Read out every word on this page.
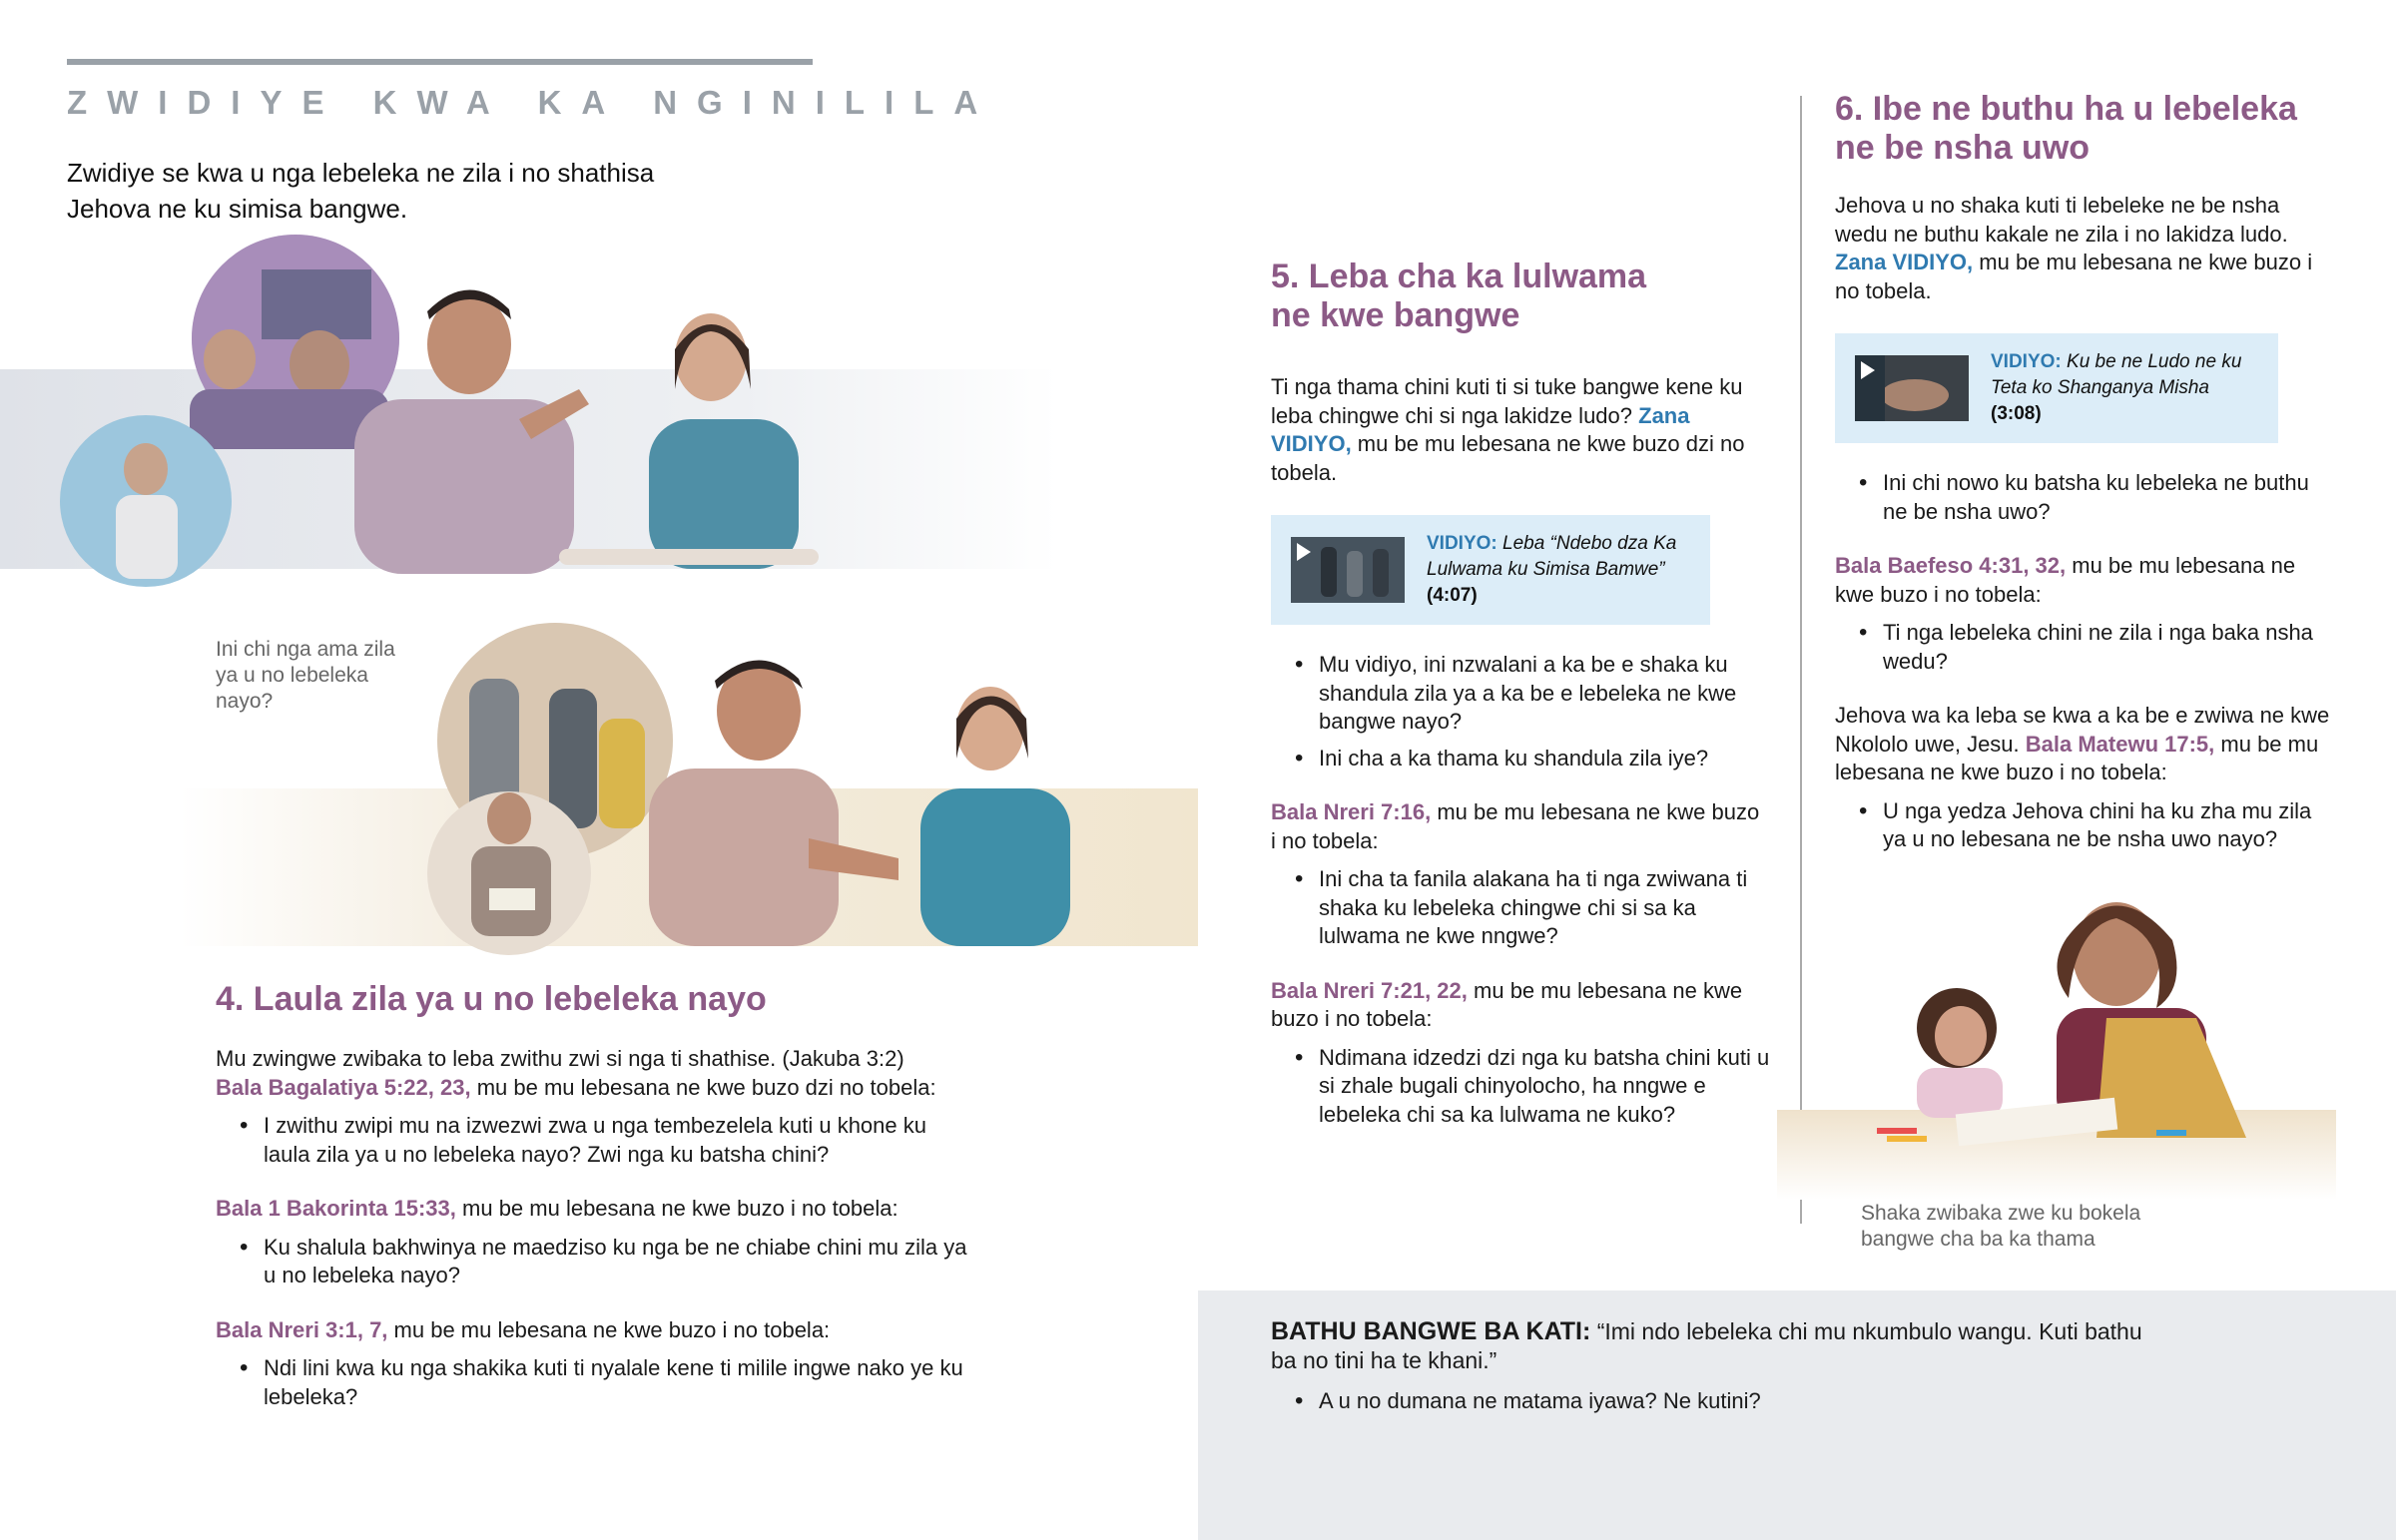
ZWIDIYE KWA KA NGINILILA
Zwidiye se kwa u nga lebeleka ne zila i no shathisa
Jehova ne ku simisa bangwe.
Ini chi nga ama zila
ya u no lebeleka
nayo?
4. Laula zila ya u no lebeleka nayo
Mu zwingwe zwibaka to leba zwithu zwi si nga ti shathise. (Jakuba 3:2)
Bala Bagalatiya 5:22, 23, mu be mu lebesana ne kwe buzo dzi no tobela:
• I zwithu zwipi mu na izwezwi zwa u nga tembezelela kuti u khone ku laula zila ya u no lebeleka nayo? Zwi nga ku batsha chini?
Bala 1 Bakorinta 15:33, mu be mu lebesana ne kwe buzo i no tobela:
• Ku shalula bakhwinya ne maedziso ku nga be ne chiabe chini mu zila ya u no lebeleka nayo?
Bala Nreri 3:1, 7, mu be mu lebesana ne kwe buzo i no tobela:
• Ndi lini kwa ku nga shakika kuti ti nyalale kene ti milile ingwe nako ye ku lebeleka?
5. Leba cha ka lulwama
ne kwe bangwe
Ti nga thama chini kuti ti si tuke bangwe kene ku leba chingwe chi si nga lakidze ludo? Zana VIDIYO, mu be mu lebesana ne kwe buzo dzi no tobela.
VIDIYO: Leba “Ndebo dza Ka Lulwama ku Simisa Bamwe”
(4:07)
• Mu vidiyo, ini nzwalani a ka be e shaka ku shandula zila ya a ka be e lebeleka ne kwe bangwe nayo?
• Ini cha a ka thama ku shandula zila iye?
Bala Nreri 7:16, mu be mu lebesana ne kwe buzo i no tobela:
• Ini cha ta fanila alakana ha ti nga zwiwana ti shaka ku lebeleka chingwe chi si sa ka lulwama ne kwe nngwe?
Bala Nreri 7:21, 22, mu be mu lebesana ne kwe buzo i no tobela:
• Ndimana idzedzi dzi nga ku batsha chini kuti u si zhale bugali chinyolocho, ha nngwe e lebeleka chi sa ka lulwama ne kuko?
6. Ibe ne buthu ha u lebeleka
ne be nsha uwo
Jehova u no shaka kuti ti lebeleke ne be nsha wedu ne buthu kakale ne zila i no lakidza ludo. Zana VIDIYO, mu be mu lebesana ne kwe buzo i no tobela.
VIDIYO: Ku be ne Ludo ne ku Teta ko Shanganya Misha
(3:08)
• Ini chi nowo ku batsha ku lebeleka ne buthu ne be nsha uwo?
Bala Baefeso 4:31, 32, mu be mu lebesana ne kwe buzo i no tobela:
• Ti nga lebeleka chini ne zila i nga baka nsha wedu?
Jehova wa ka leba se kwa a ka be e zwiwa ne kwe Nkololo uwe, Jesu. Bala Matewu 17:5, mu be mu lebesana ne kwe buzo i no tobela:
• U nga yedza Jehova chini ha ku zha mu zila ya u no lebesana ne be nsha uwo nayo?
Shaka zwibaka zwe ku bokela
bangwe cha ba ka thama
BATHU BANGWE BA KATI: “Imi ndo lebeleka chi mu nkumbulo wangu. Kuti bathu ba no tini ha te khani.”
• A u no dumana ne matama iyawa? Ne kutini?
